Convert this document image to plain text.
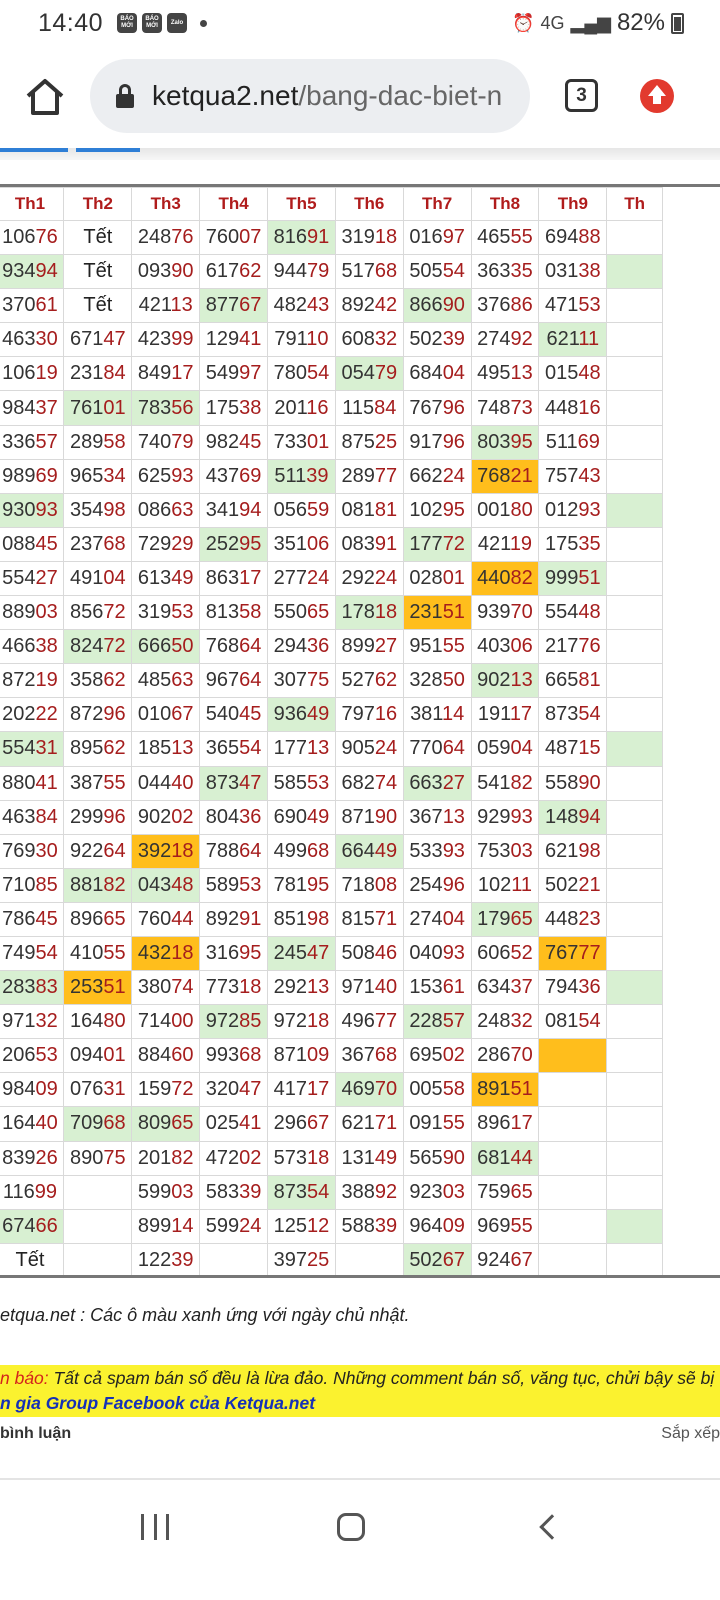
14:40	BÁO MỚI
BÁO MỚI
Zalo	⏰ 4G ▂▄▆ 82%
ketqua2.net /bang-dac-biet-n	3
	Th1	Th2	Th3	Th4	Th5	Th6	Th7	Th8	Th9	Th
	10676	Tết	24876	76007	81691	31918	01697	46555	69488	
	93494	Tết	09390	61762	94479	51768	50554	36335	03138	
	37061	Tết	42113	87767	48243	89242	86690	37686	47153	
	46330	67147	42399	12941	79110	60832	50239	27492	62111	
	10619	23184	84917	54997	78054	05479	68404	49513	01548	
	98437	76101	78356	17538	20116	11584	76796	74873	44816	
	33657	28958	74079	98245	73301	87525	91796	80395	51169	
	98969	96534	62593	43769	51139	28977	66224	76821	75743	
	93093	35498	08663	34194	05659	08181	10295	00180	01293	
	08845	23768	72929	25295	35106	08391	17772	42119	17535	
	55427	49104	61349	86317	27724	29224	02801	44082	99951	
	88903	85672	31953	81358	55065	17818	23151	93970	55448	
	46638	82472	66650	76864	29436	89927	95155	40306	21776	
	87219	35862	48563	96764	30775	52762	32850	90213	66581	
	20222	87296	01067	54045	93649	79716	38114	19117	87354	
	55431	89562	18513	36554	17713	90524	77064	05904	48715	
	88041	38755	04440	87347	58553	68274	66327	54182	55890	
	46384	29996	90202	80436	69049	87190	36713	92993	14894	
	76930	92264	39218	78864	49968	66449	53393	75303	62198	
	71085	88182	04348	58953	78195	71808	25496	10211	50221	
	78645	89665	76044	89291	85198	81571	27404	17965	44823	
	74954	41055	43218	31695	24547	50846	04093	60652	76777	
	28383	25351	38074	77318	29213	97140	15361	63437	79436	
	97132	16480	71400	97285	97218	49677	22857	24832	08154	
	20653	09401	88460	99368	87109	36768	69502	28670		
	98409	07631	15972	32047	41717	46970	00558	89151		
	16440	70968	80965	02541	29667	62171	09155	89617		
	83926	89075	20182	47202	57318	13149	56590	68144		
	11699		59903	58339	87354	38892	92303	75965		
	67466		89914	59924	12512	58839	96409	96955		
	Tết		12239		39725		50267	92467		
etqua.net : Các ô màu xanh ứng với ngày chủ nhật.
n báo: Tất cả spam bán số đều là lừa đảo. Những comment bán số, văng tục, chửi bậy sẽ bị
n gia Group Facebook của Ketqua.net
bình luận	Sắp xếp
